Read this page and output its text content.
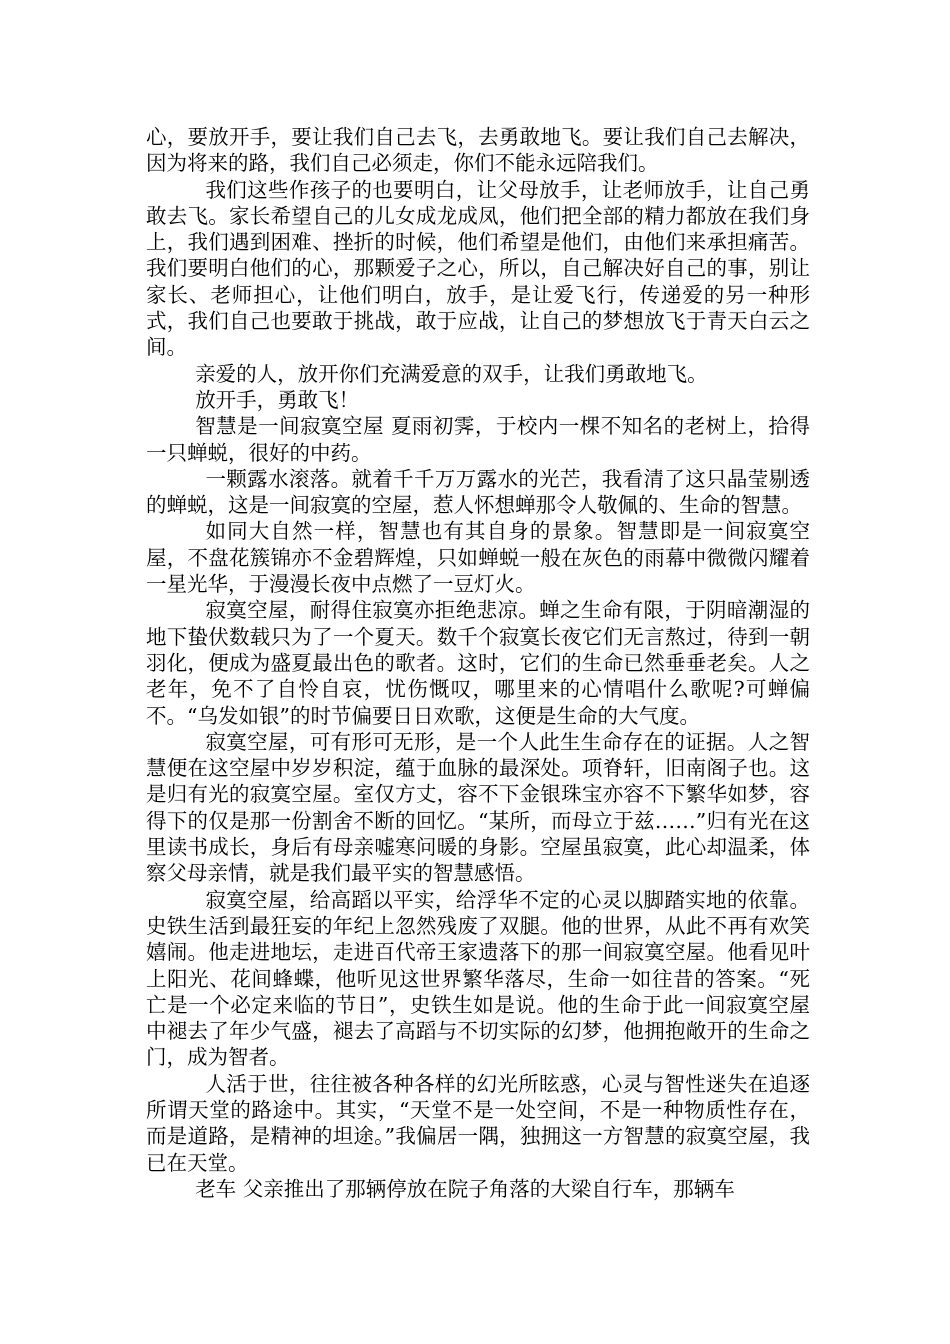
心，要放开手，要让我们自己去飞，去勇敢地飞。要让我们自己去解决，因为将来的路，我们自己必须走，你们不能永远陪我们。

我们这些作孩子的也要明白，让父母放手，让老师放手，让自己勇敢去飞。家长希望自己的儿女成龙成凤，他们把全部的精力都放在我们身上，我们遇到困难、挫折的时候，他们希望是他们，由他们来承担痛苦。我们要明白他们的心，那颗爱子之心，所以，自己解决好自己的事，别让家长、老师担心，让他们明白，放手，是让爱飞行，传递爱的另一种形式，我们自己也要敢于挑战，敢于应战，让自己的梦想放飞于青天白云之间。

亲爱的人，放开你们充满爱意的双手，让我们勇敢地飞。

放开手，勇敢飞！

智慧是一间寂寞空屋 夏雨初霁，于校内一棵不知名的老树上，拾得一只蝉蜕，很好的中药。

一颗露水滚落。就着千千万万露水的光芒，我看清了这只晶莹剔透的蝉蜕，这是一间寂寞的空屋，惹人怀想蝉那令人敬佩的、生命的智慧。

如同大自然一样，智慧也有其自身的景象。智慧即是一间寂寞空屋，不盘花簇锦亦不金碧辉煌，只如蝉蜕一般在灰色的雨幕中微微闪耀着一星光华，于漫漫长夜中点燃了一豆灯火。

寂寞空屋，耐得住寂寞亦拒绝悲凉。蝉之生命有限，于阴暗潮湿的地下蛰伏数载只为了一个夏天。数千个寂寞长夜它们无言熬过，待到一朝羽化，便成为盛夏最出色的歌者。这时，它们的生命已然垂垂老矣。人之老年，免不了自怜自哀，忧伤慨叹，哪里来的心情唱什么歌呢?可蝉偏不。“乌发如银”的时节偏要日日欢歌，这便是生命的大气度。

寂寞空屋，可有形可无形，是一个人此生生命存在的证据。人之智慧便在这空屋中岁岁积淀，蕴于血脉的最深处。项脊轩，旧南阁子也。这是归有光的寂寞空屋。室仅方丈，容不下金银珠宝亦容不下繁华如梦，容得下的仅是那一份割舍不断的回忆。“某所，而母立于兹……”归有光在这里读书成长，身后有母亲嘘寒问暖的身影。空屋虽寂寞，此心却温柔，体察父母亲情，就是我们最平实的智慧感悟。

寂寞空屋，给高蹈以平实，给浮华不定的心灵以脚踏实地的依靠。史铁生活到最狂妄的年纪上忽然残废了双腿。他的世界，从此不再有欢笑嬉闹。他走进地坛，走进百代帝王家遗落下的那一间寂寞空屋。他看见叶上阳光、花间蜂蝶，他听见这世界繁华落尽，生命一如往昔的答案。“死亡是一个必定来临的节日”，史铁生如是说。他的生命于此一间寂寞空屋中褪去了年少气盛，褪去了高蹈与不切实际的幻梦，他拥抱敞开的生命之门，成为智者。

人活于世，往往被各种各样的幻光所眩惑，心灵与智性迷失在追逐所谓天堂的路途中。其实，“天堂不是一处空间，不是一种物质性存在，而是道路，是精神的坦途。”我偏居一隅，独拥这一方智慧的寂寞空屋，我已在天堂。

老车 父亲推出了那辆停放在院子角落的大梁自行车，那辆车
